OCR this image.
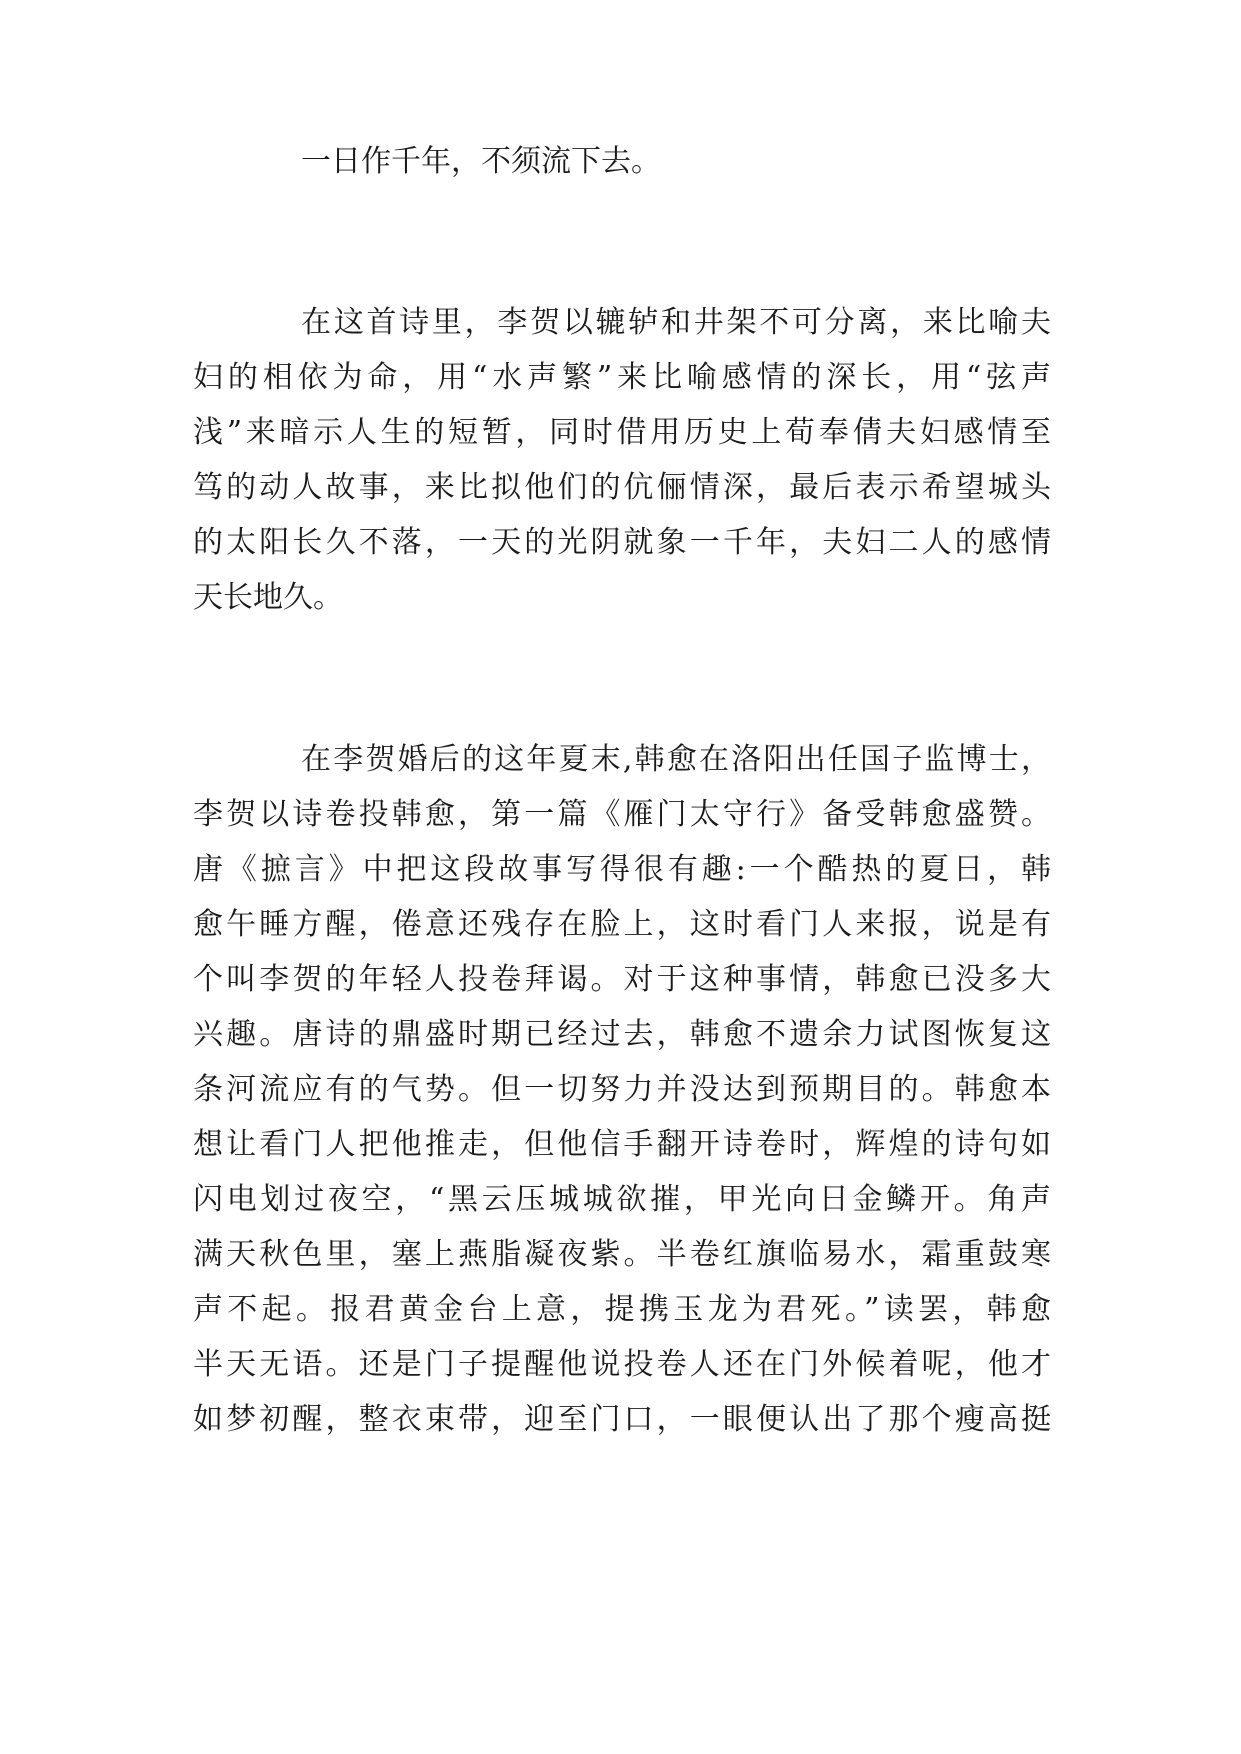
一日作千年，不须流下去。
在这首诗里，李贺以辘轳和井架不可分离，来比喻夫
妇的相依为命，用“水声繁”来比喻感情的深长，用“弦声
浅”来暗示人生的短暂，同时借用历史上荀奉倩夫妇感情至
笃的动人故事，来比拟他们的伉俪情深，最后表示希望城头
的太阳长久不落，一天的光阴就象一千年，夫妇二人的感情
天长地久。
在李贺婚后的这年夏末,韩愈在洛阳出任国子监博士，
李贺以诗卷投韩愈，第一篇《雁门太守行》备受韩愈盛赞。
唐《摭言》中把这段故事写得很有趣:一个酷热的夏日，韩
愈午睡方醒，倦意还残存在脸上，这时看门人来报，说是有
个叫李贺的年轻人投卷拜谒。对于这种事情，韩愈已没多大
兴趣。唐诗的鼎盛时期已经过去，韩愈不遗余力试图恢复这
条河流应有的气势。但一切努力并没达到预期目的。韩愈本
想让看门人把他推走，但他信手翻开诗卷时，辉煌的诗句如
闪电划过夜空，“黑云压城城欲摧，甲光向日金鳞开。角声
满天秋色里，塞上燕脂凝夜紫。半卷红旗临易水，霜重鼓寒
声不起。报君黄金台上意，提携玉龙为君死。”读罢，韩愈
半天无语。还是门子提醒他说投卷人还在门外候着呢，他才
如梦初醒，整衣束带，迎至门口，一眼便认出了那个瘦高挺
